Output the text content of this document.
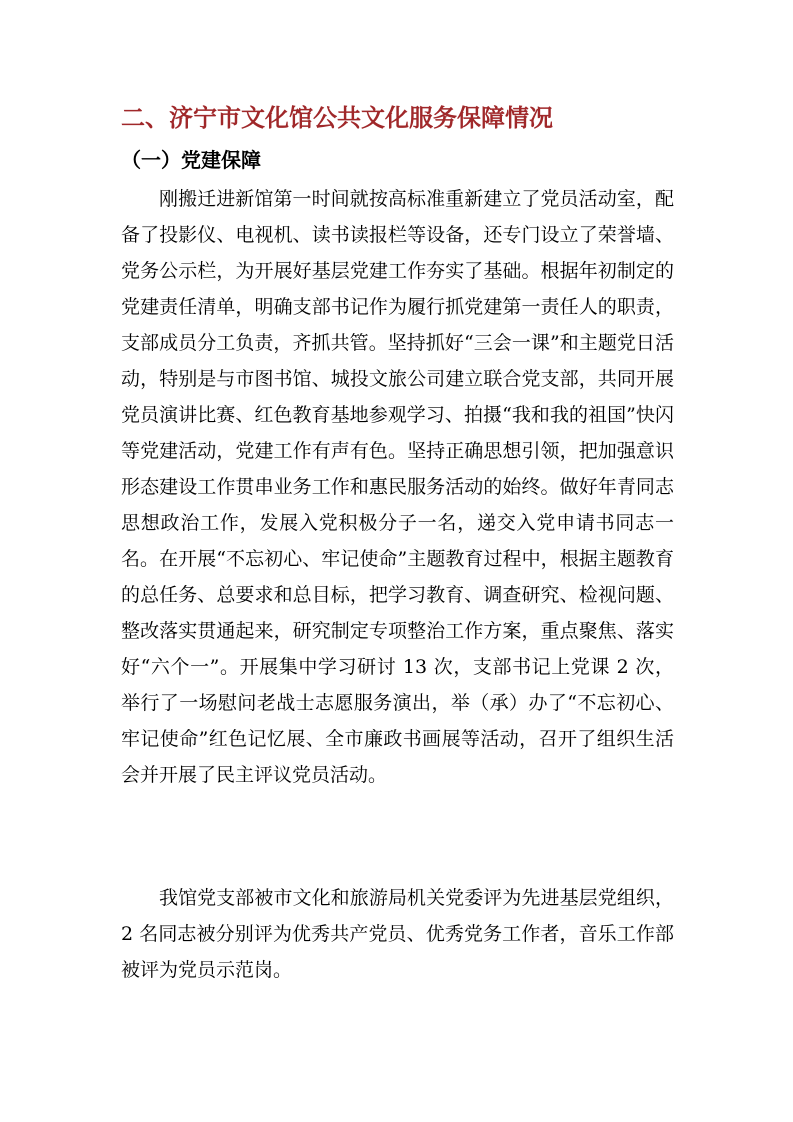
二、济宁市文化馆公共文化服务保障情况
（一）党建保障

刚搬迁进新馆第一时间就按高标准重新建立了党员活动室，配备了投影仪、电视机、读书读报栏等设备，还专门设立了荣誉墙、党务公示栏，为开展好基层党建工作夯实了基础。根据年初制定的党建责任清单，明确支部书记作为履行抓党建第一责任人的职责，支部成员分工负责，齐抓共管。坚持抓好“三会一课”和主题党日活动，特别是与市图书馆、城投文旅公司建立联合党支部，共同开展党员演讲比赛、红色教育基地参观学习、拍摄“我和我的祖国”快闪等党建活动，党建工作有声有色。坚持正确思想引领，把加强意识形态建设工作贯串业务工作和惠民服务活动的始终。做好年青同志思想政治工作，发展入党积极分子一名，递交入党申请书同志一名。在开展“不忘初心、牢记使命”主题教育过程中，根据主题教育的总任务、总要求和总目标，把学习教育、调查研究、检视问题、整改落实贯通起来，研究制定专项整治工作方案，重点聚焦、落实好“六个一”。开展集中学习研讨 13 次，支部书记上党课 2 次，举行了一场慰问老战士志愿服务演出，举（承）办了“不忘初心、牢记使命”红色记忆展、全市廉政书画展等活动，召开了组织生活会并开展了民主评议党员活动。

我馆党支部被市文化和旅游局机关党委评为先进基层党组织，2 名同志被分别评为优秀共产党员、优秀党务工作者，音乐工作部被评为党员示范岗。
